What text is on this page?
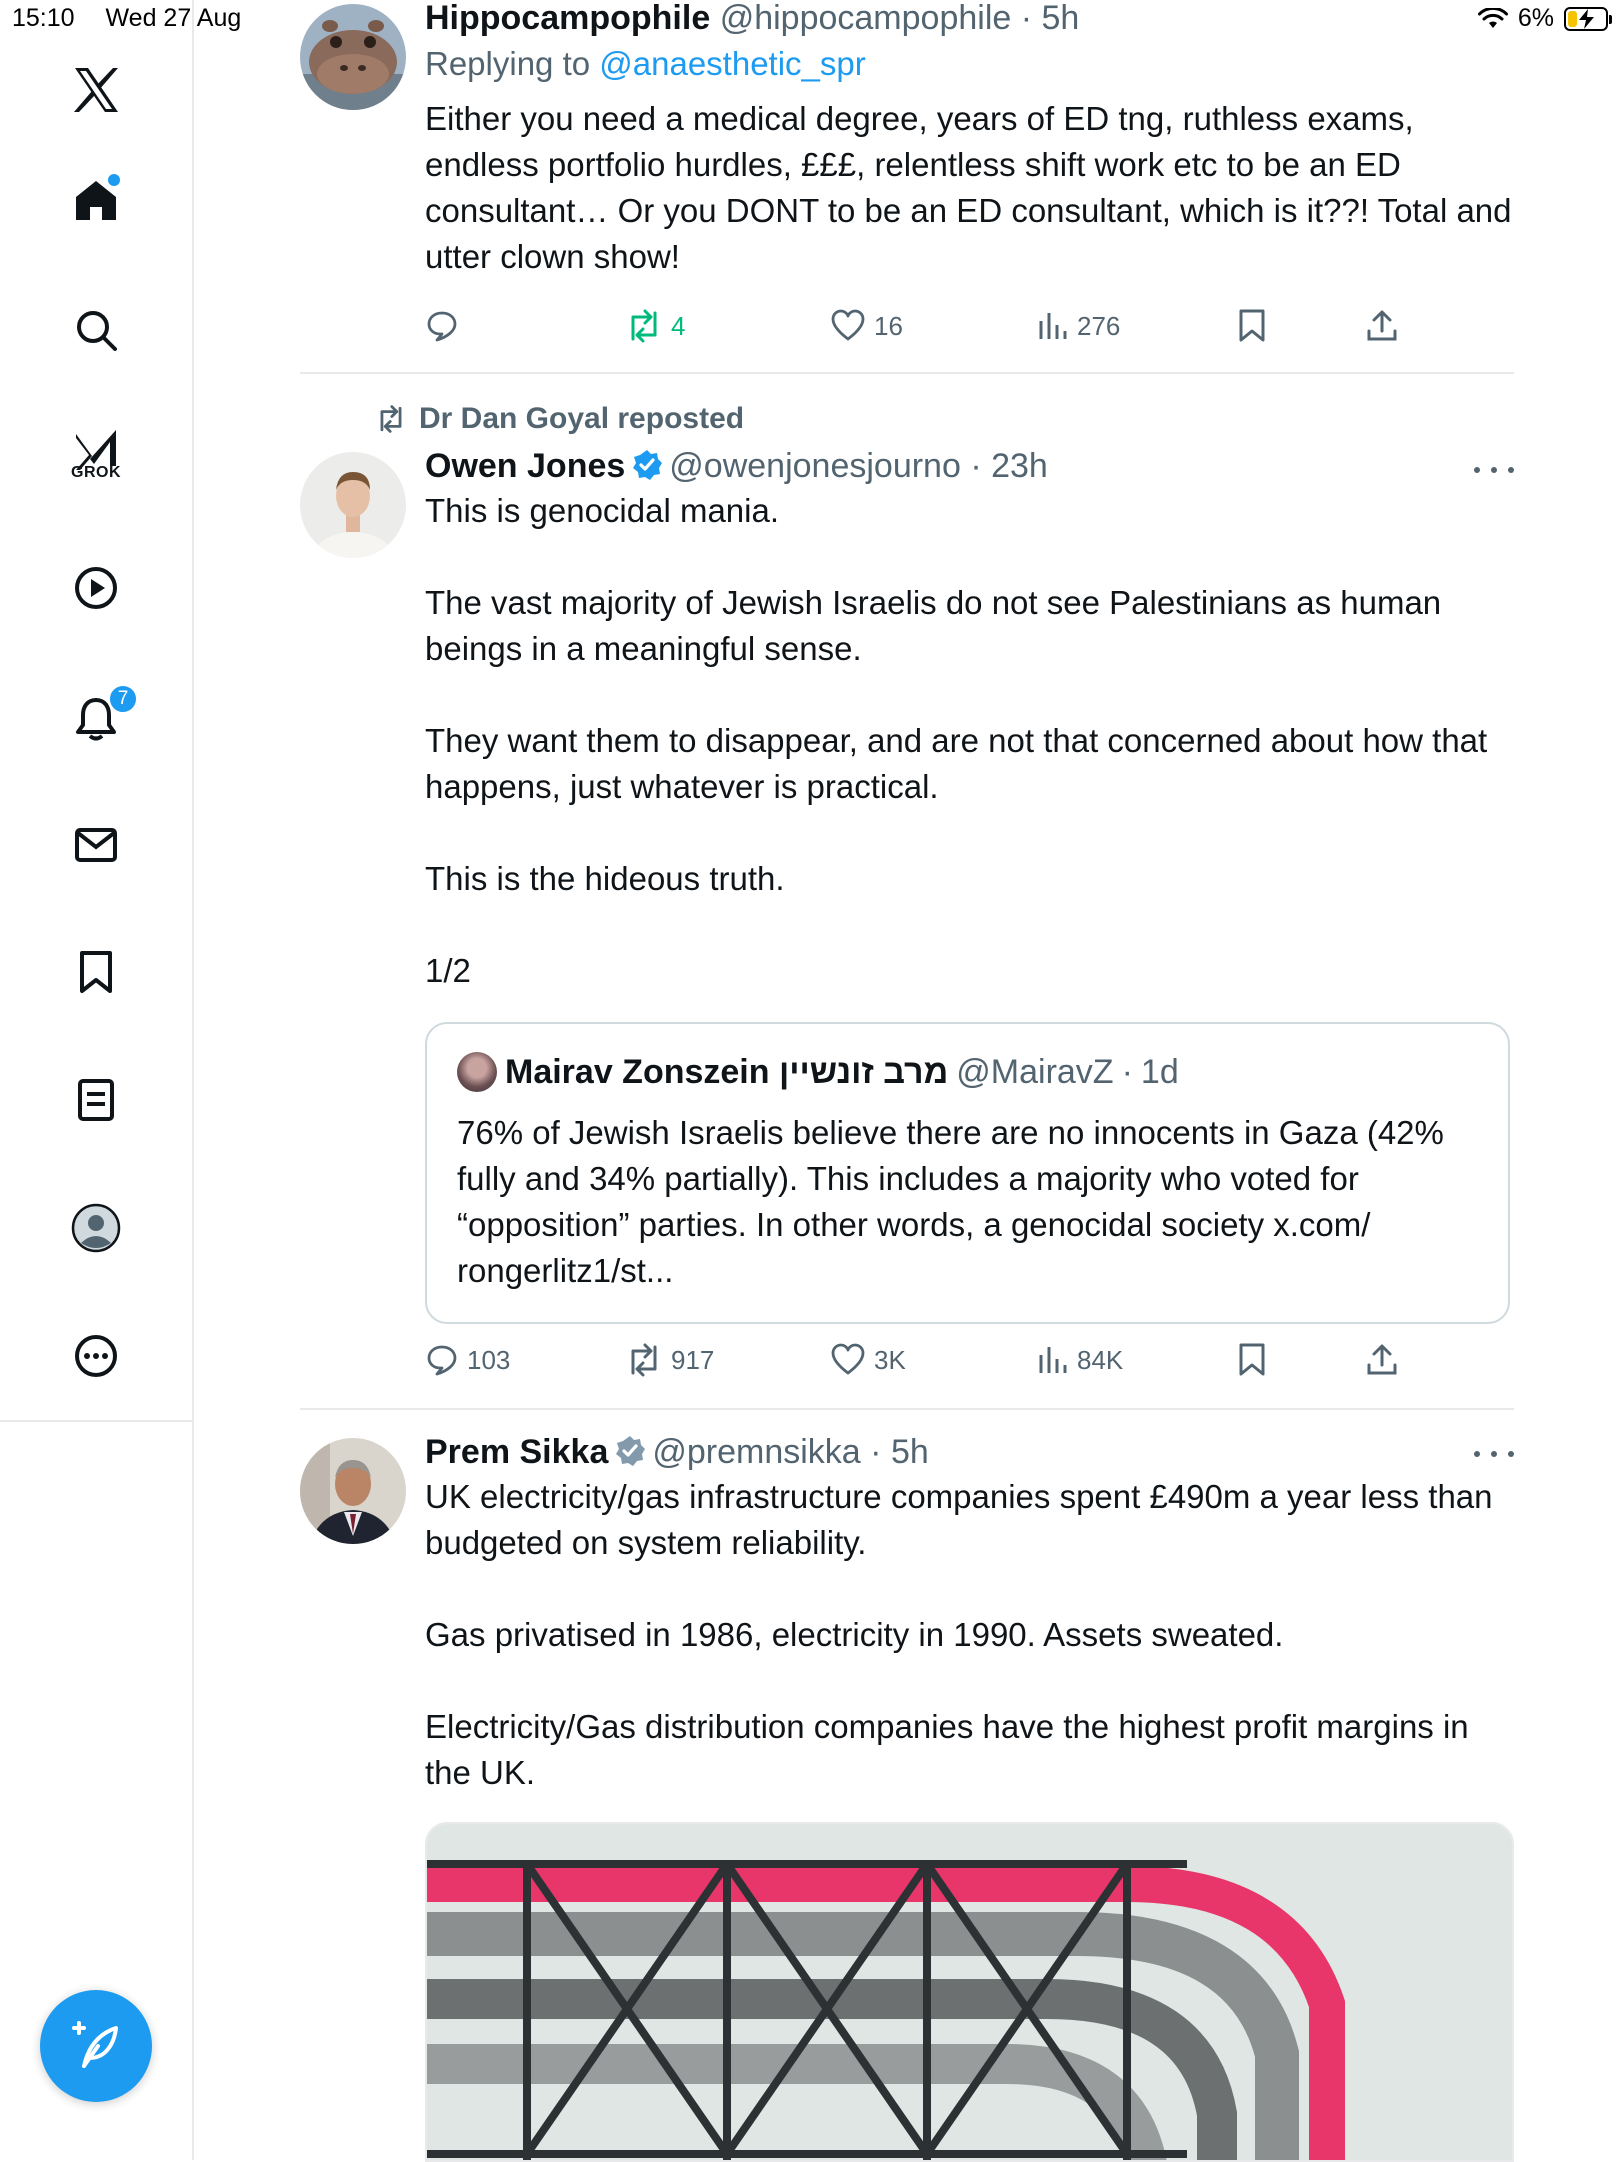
15:10 Wed 27 Aug	6%
GROK
7
Hippocampophile @hippocampophile · 5h
Replying to @anaesthetic_spr
Either you need a medical degree, years of ED tng, ruthless exams, endless portfolio hurdles, £££, relentless shift work etc to be an ED consultant… Or you DONT to be an ED consultant, which is it??! Total and utter clown show!
4	16	276
Dr Dan Goyal reposted
Owen Jones @owenjonesjourno · 23h

This is genocidal mania.

The vast majority of Jewish Israelis do not see Palestinians as human beings in a meaningful sense.

They want them to disappear, and are not that concerned about how that happens, just whatever is practical.

This is the hideous truth.

1/2

Mairav Zonszein מרב זונשיין @MairavZ · 1d
76% of Jewish Israelis believe there are no innocents in Gaza (42% fully and 34% partially). This includes a majority who voted for “opposition” parties. In other words, a genocidal society x.com/ rongerlitz1/st...
103	917	3K	84K
Prem Sikka @premnsikka · 5h

UK electricity/gas infrastructure companies spent £490m a year less than budgeted on system reliability.

Gas privatised in 1986, electricity in 1990. Assets sweated.

Electricity/Gas distribution companies have the highest profit margins in the UK.
